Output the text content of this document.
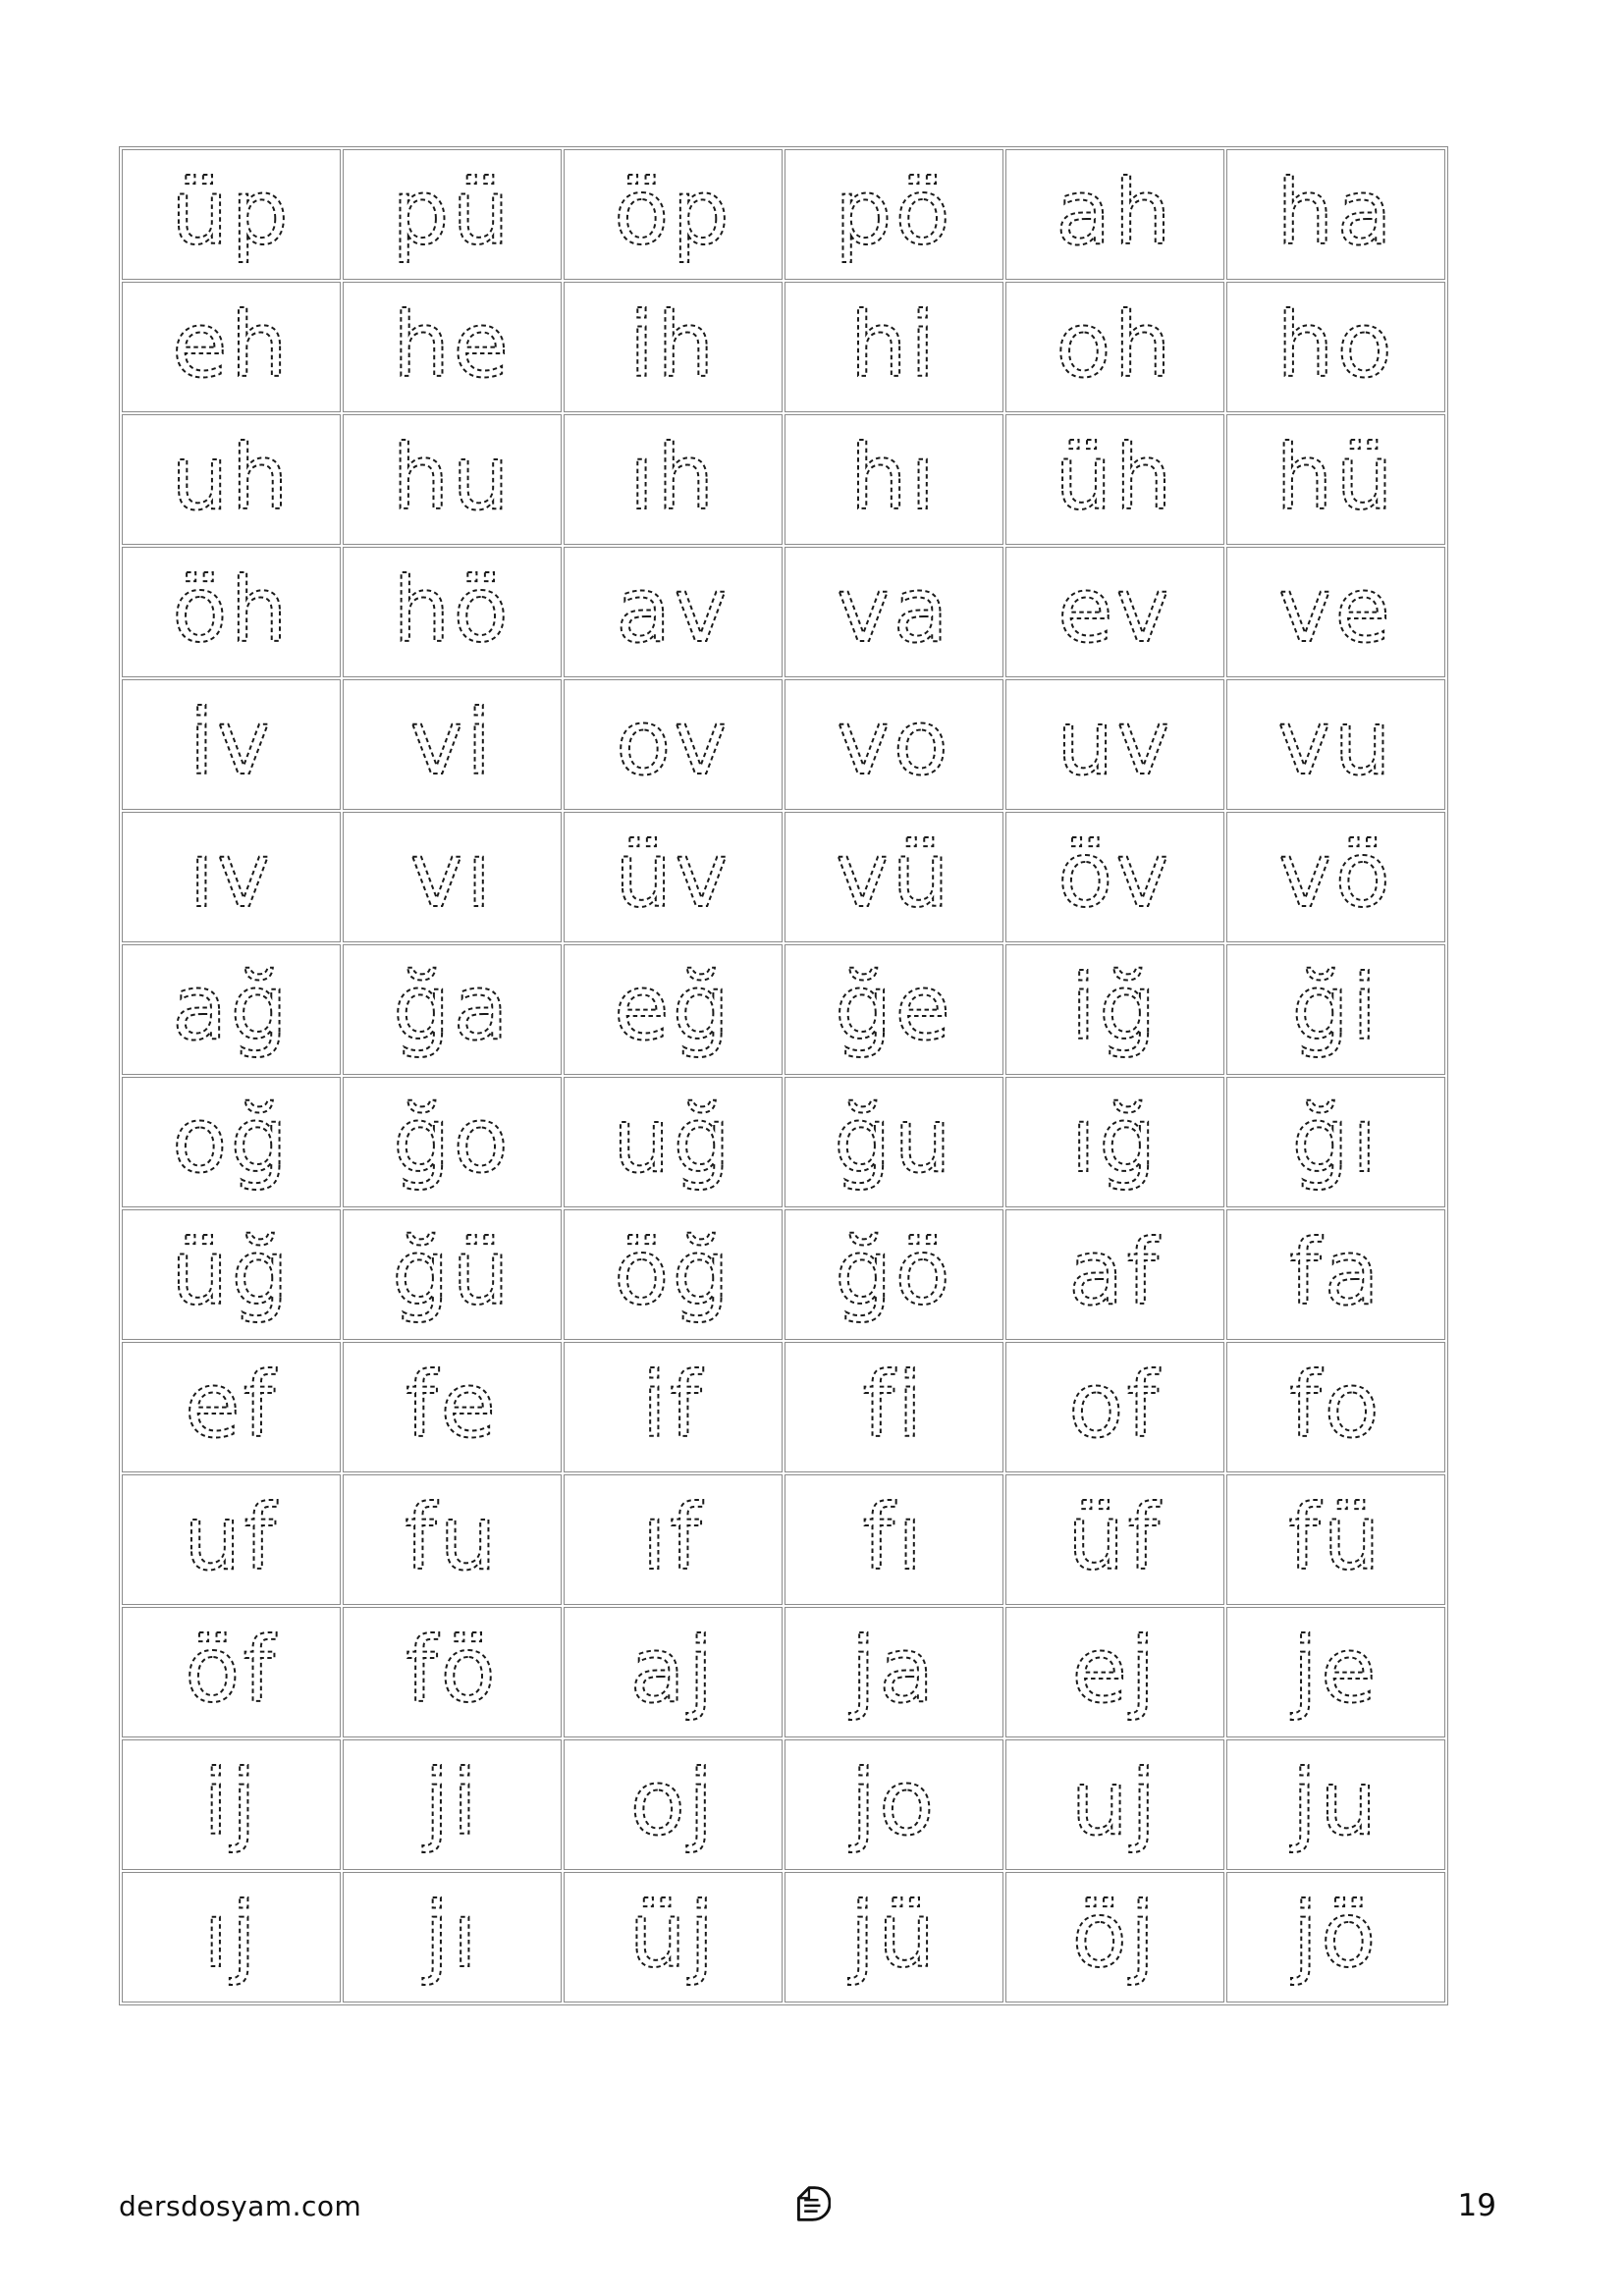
üp	pü	öp	pö	ah	ha

eh	he	ih	hi	oh	ho

uh	hu	ıh	hı	üh	hü

öh	hö	av	va	ev	ve

iv	vi	ov	vo	uv	vu

ıv	vı	üv	vü	öv	vö

ağ	ğa	eğ	ğe	iğ	ği

oğ	ğo	uğ	ğu	ığ	ğı

üğ	ğü	öğ	ğö	af	fa

ef	fe	if	fi	of	fo

uf	fu	ıf	fı	üf	fü

öf	fö	aj	ja	ej	je

ij	ji	oj	jo	uj	ju

ıj	jı	üj	jü	öj	jö
dersdosyam.com	19
